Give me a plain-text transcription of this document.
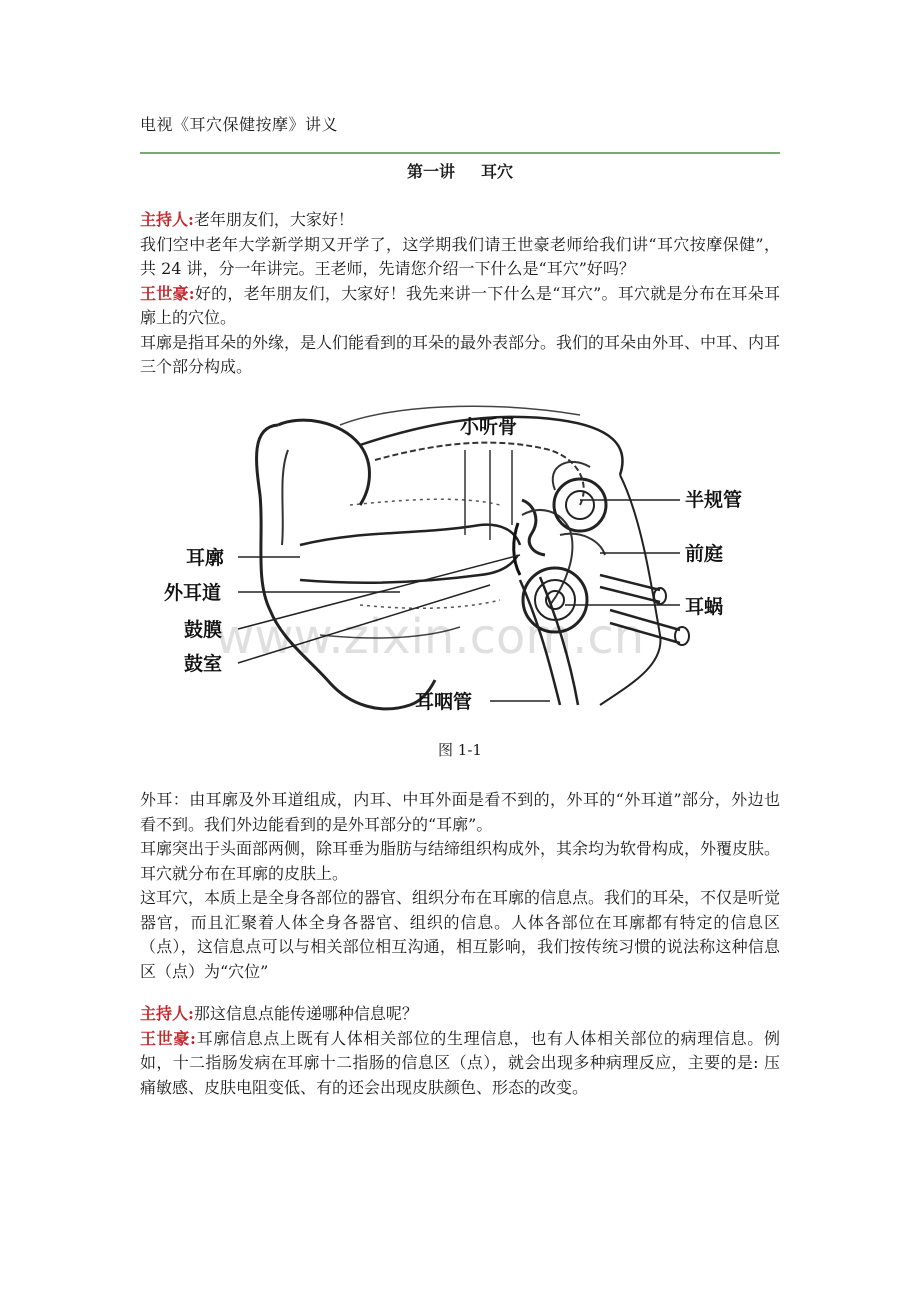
电视《耳穴保健按摩》讲义
第一讲 耳穴

主持人:老年朋友们，大家好！

我们空中老年大学新学期又开学了，这学期我们请王世豪老师给我们讲“耳穴按摩保健”，共 24 讲，分一年讲完。王老师，先请您介绍一下什么是“耳穴”好吗？

王世豪:好的，老年朋友们，大家好！我先来讲一下什么是“耳穴”。耳穴就是分布在耳朵耳廓上的穴位。

耳廓是指耳朵的外缘，是人们能看到的耳朵的最外表部分。我们的耳朵由外耳、中耳、内耳三个部分构成。

小听骨
半规管
前庭
耳蜗
耳廓
外耳道
鼓膜
鼓室
耳咽管
www.zixin.com.cn
图 1-1

外耳：由耳廓及外耳道组成，内耳、中耳外面是看不到的，外耳的“外耳道”部分，外边也看不到。我们外边能看到的是外耳部分的“耳廓”。

耳廓突出于头面部两侧，除耳垂为脂肪与结缔组织构成外，其余均为软骨构成，外覆皮肤。耳穴就分布在耳廓的皮肤上。

这耳穴，本质上是全身各部位的器官、组织分布在耳廓的信息点。我们的耳朵，不仅是听觉器官，而且汇聚着人体全身各器官、组织的信息。人体各部位在耳廓都有特定的信息区（点），这信息点可以与相关部位相互沟通，相互影响，我们按传统习惯的说法称这种信息区（点）为“穴位”

主持人:那这信息点能传递哪种信息呢？

王世豪:耳廓信息点上既有人体相关部位的生理信息，也有人体相关部位的病理信息。例如，十二指肠发病在耳廓十二指肠的信息区（点），就会出现多种病理反应，主要的是: 压痛敏感、皮肤电阻变低、有的还会出现皮肤颜色、形态的改变。
